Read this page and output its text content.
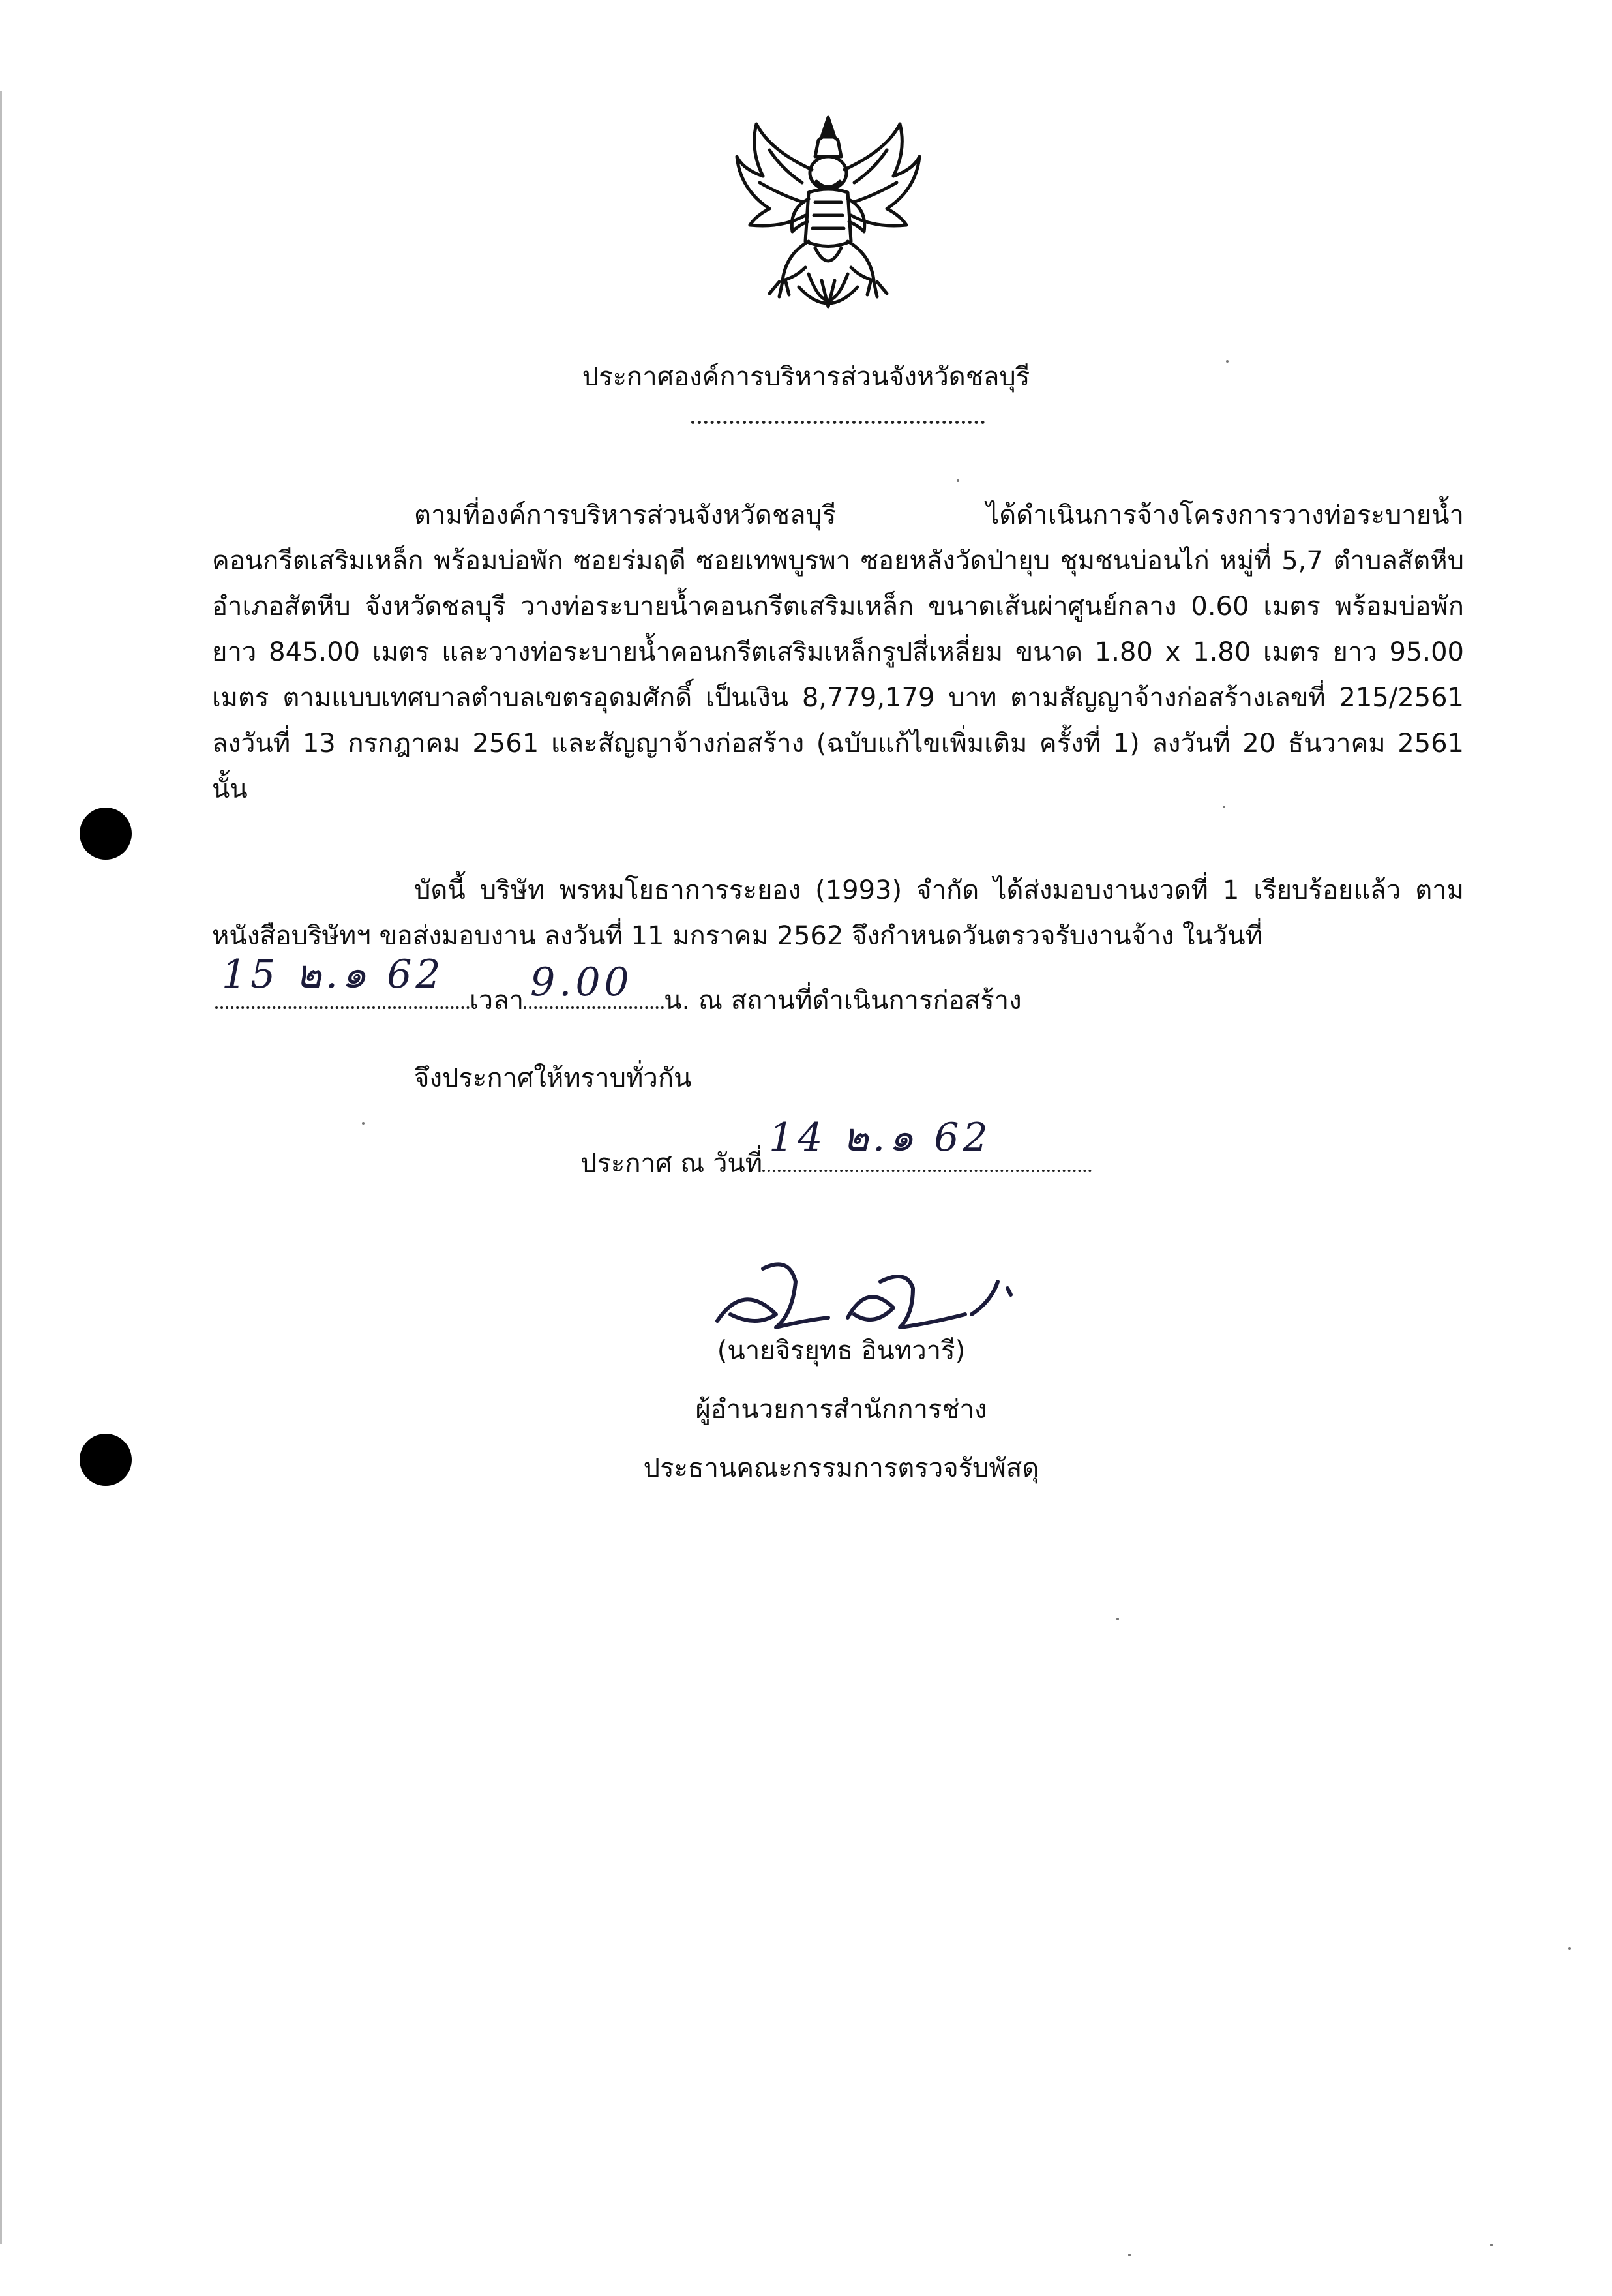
ประกาศองค์การบริหารส่วนจังหวัดชลบุรี

ตามที่องค์การบริหารส่วนจังหวัดชลบุรี ได้ดำเนินการจ้างโครงการวางท่อระบายน้ำคอนกรีตเสริมเหล็ก พร้อมบ่อพัก ซอยร่มฤดี ซอยเทพบูรพา ซอยหลังวัดป่ายุบ ชุมชนบ่อนไก่ หมู่ที่ 5,7 ตำบลสัตหีบ อำเภอสัตหีบ จังหวัดชลบุรี วางท่อระบายน้ำคอนกรีตเสริมเหล็ก ขนาดเส้นผ่าศูนย์กลาง 0.60 เมตร พร้อมบ่อพัก ยาว 845.00 เมตร และวางท่อระบายน้ำคอนกรีตเสริมเหล็กรูปสี่เหลี่ยม ขนาด 1.80 x 1.80 เมตร ยาว 95.00 เมตร ตามแบบเทศบาลตำบลเขตรอุดมศักดิ์ เป็นเงิน 8,779,179 บาท ตามสัญญาจ้างก่อสร้างเลขที่ 215/2561 ลงวันที่ 13 กรกฎาคม 2561 และสัญญาจ้างก่อสร้าง (ฉบับแก้ไขเพิ่มเติม ครั้งที่ 1) ลงวันที่ 20 ธันวาคม 2561 นั้น

บัดนี้ บริษัท พรหมโยธาการระยอง (1993) จำกัด ได้ส่งมอบงานงวดที่ 1 เรียบร้อยแล้ว ตามหนังสือบริษัทฯ ขอส่งมอบงาน ลงวันที่ 11 มกราคม 2562 จึงกำหนดวันตรวจรับงานจ้าง ในวันที่

15 ๒.๑ 62
เวลา 9.00 น. ณ สถานที่ดำเนินการก่อสร้าง
จึงประกาศให้ทราบทั่วกัน
ประกาศ ณ วันที่
14 ๒.๑ 62
(นายจิรยุทธ อินทวารี)
ผู้อำนวยการสำนักการช่าง
ประธานคณะกรรมการตรวจรับพัสดุ
